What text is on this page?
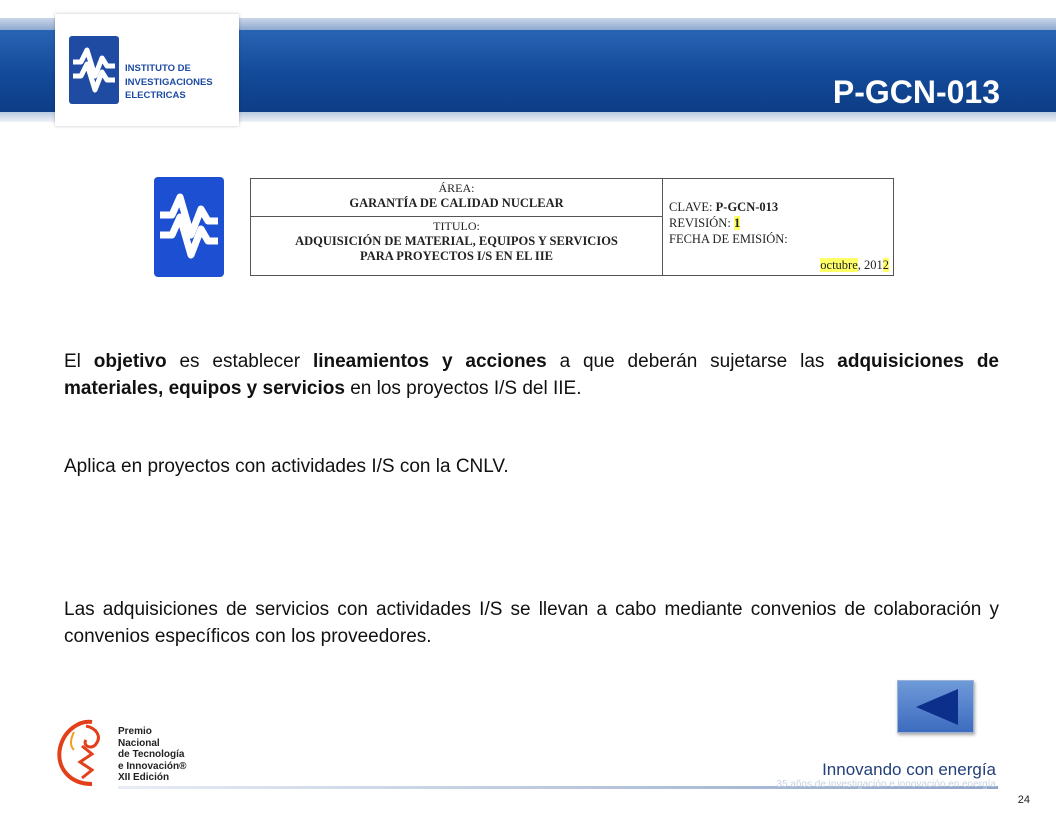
P-GCN-013
INSTITUTO DE
INVESTIGACIONES
ELECTRICAS
ÁREA:
GARANTÍA DE CALIDAD NUCLEAR
TITULO:
ADQUISICIÓN DE MATERIAL, EQUIPOS Y SERVICIOS
PARA PROYECTOS I/S EN EL IIE
CLAVE: P-GCN-013
REVISIÓN: 1
FECHA DE EMISIÓN:
octubre, 2012
El objetivo es establecer lineamientos y acciones a que deberán sujetarse las adquisiciones de materiales, equipos y servicios en los proyectos I/S del IIE.
Aplica en proyectos con actividades I/S con la CNLV.
Las adquisiciones de servicios con actividades I/S se llevan a cabo mediante convenios de colaboración y convenios específicos con los proveedores.
Premio
Nacional
de Tecnología
e Innovación®
XII Edición	Innovando con energía
35 años de investigación e innovación en energía
24
